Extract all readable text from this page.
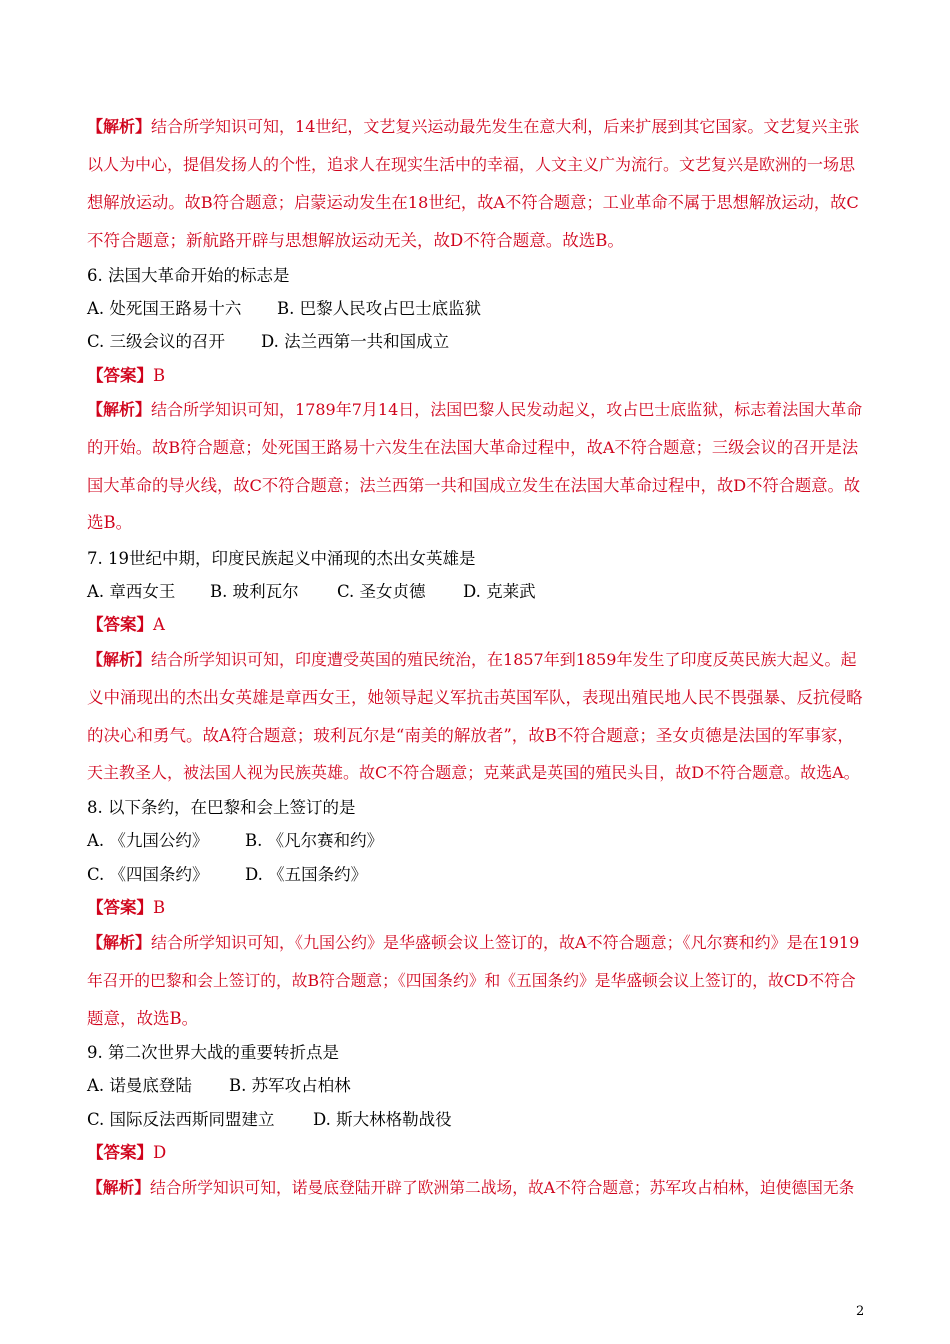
【解析】结合所学知识可知，14世纪，文艺复兴运动最先发生在意大利，后来扩展到其它国家。文艺复兴主张
以人为中心，提倡发扬人的个性，追求人在现实生活中的幸福，人文主义广为流行。文艺复兴是欧洲的一场思
想解放运动。故B符合题意；启蒙运动发生在18世纪，故A不符合题意；工业革命不属于思想解放运动，故C
不符合题意；新航路开辟与思想解放运动无关，故D不符合题意。故选B。
6. 法国大革命开始的标志是
A. 处死国王路易十六 B. 巴黎人民攻占巴士底监狱
C. 三级会议的召开 D. 法兰西第一共和国成立
【答案】B
【解析】结合所学知识可知，1789年7月14日，法国巴黎人民发动起义，攻占巴士底监狱，标志着法国大革命
的开始。故B符合题意；处死国王路易十六发生在法国大革命过程中，故A不符合题意；三级会议的召开是法
国大革命的导火线，故C不符合题意；法兰西第一共和国成立发生在法国大革命过程中，故D不符合题意。故
选B。
7. 19世纪中期，印度民族起义中涌现的杰出女英雄是
A. 章西女王 B. 玻利瓦尔 C. 圣女贞德 D. 克莱武
【答案】A
【解析】结合所学知识可知，印度遭受英国的殖民统治，在1857年到1859年发生了印度反英民族大起义。起
义中涌现出的杰出女英雄是章西女王，她领导起义军抗击英国军队，表现出殖民地人民不畏强暴、反抗侵略
的决心和勇气。故A符合题意；玻利瓦尔是“南美的解放者”，故B不符合题意；圣女贞德是法国的军事家，
天主教圣人，被法国人视为民族英雄。故C不符合题意；克莱武是英国的殖民头目，故D不符合题意。故选A。
8. 以下条约，在巴黎和会上签订的是
A. 《九国公约》 B. 《凡尔赛和约》
C. 《四国条约》 D. 《五国条约》
【答案】B
【解析】结合所学知识可知，《九国公约》是华盛顿会议上签订的，故A不符合题意；《凡尔赛和约》是在1919
年召开的巴黎和会上签订的，故B符合题意；《四国条约》和《五国条约》是华盛顿会议上签订的，故CD不符合
题意，故选B。
9. 第二次世界大战的重要转折点是
A. 诺曼底登陆 B. 苏军攻占柏林
C. 国际反法西斯同盟建立 D. 斯大林格勒战役
【答案】D
【解析】结合所学知识可知，诺曼底登陆开辟了欧洲第二战场，故A不符合题意；苏军攻占柏林，迫使德国无条
2
